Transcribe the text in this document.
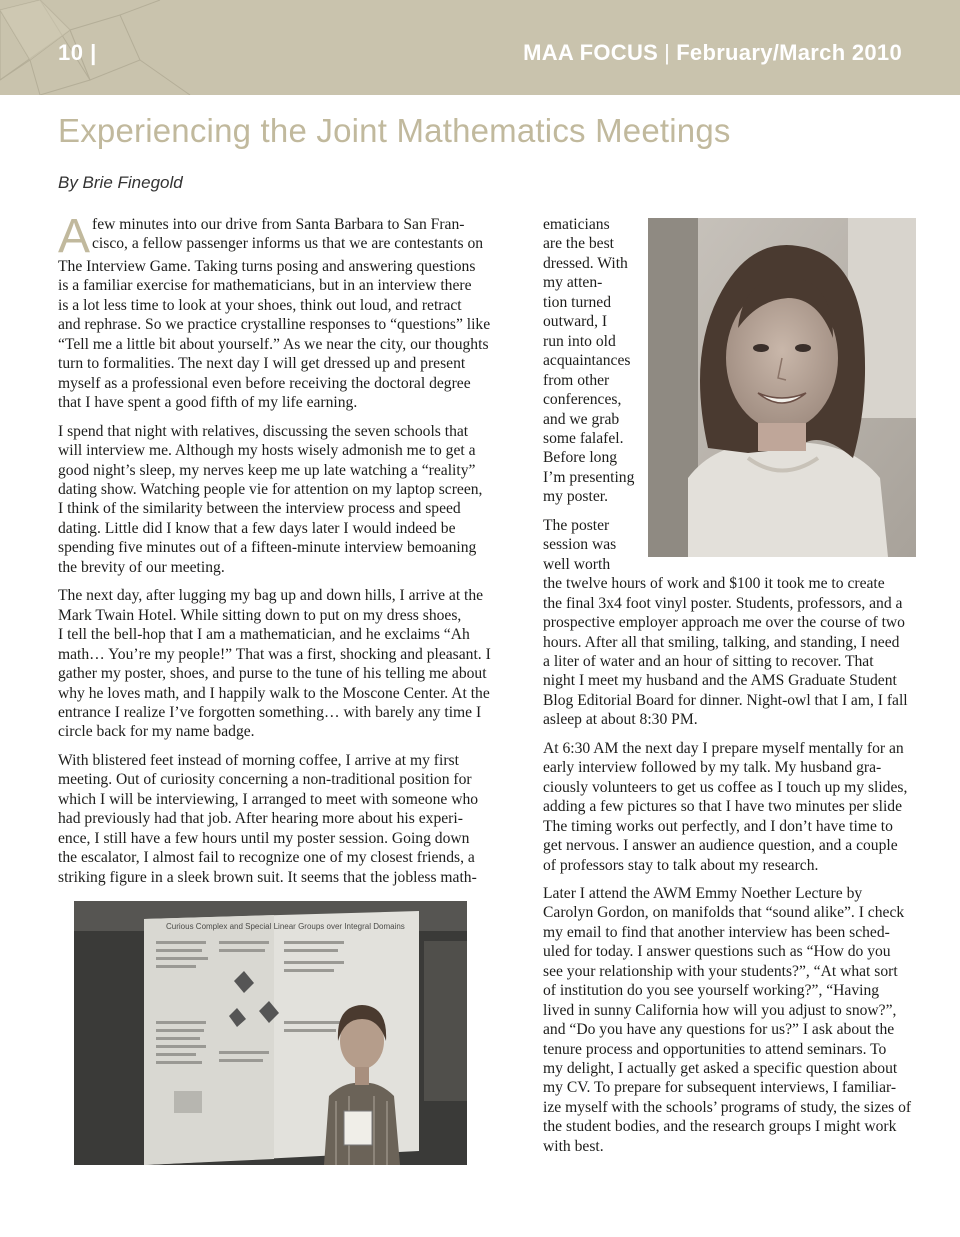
10 |	MAA FOCUS | February/March 2010
Experiencing the Joint Mathematics Meetings
By Brie Finegold

A few minutes into our drive from Santa Barbara to San Fran-
cisco, a fellow passenger informs us that we are contestants on
The Interview Game. Taking turns posing and answering questions
is a familiar exercise for mathematicians, but in an interview there
is a lot less time to look at your shoes, think out loud, and retract
and rephrase. So we practice crystalline responses to “questions” like
“Tell me a little bit about yourself.” As we near the city, our thoughts
turn to formalities. The next day I will get dressed up and present
myself as a professional even before receiving the doctoral degree
that I have spent a good fifth of my life earning.

I spend that night with relatives, discussing the seven schools that
will interview me. Although my hosts wisely admonish me to get a
good night’s sleep, my nerves keep me up late watching a “reality”
dating show. Watching people vie for attention on my laptop screen,
I think of the similarity between the interview process and speed
dating. Little did I know that a few days later I would indeed be
spending five minutes out of a fifteen-minute interview bemoaning
the brevity of our meeting.

The next day, after lugging my bag up and down hills, I arrive at the
Mark Twain Hotel. While sitting down to put on my dress shoes,
I tell the bell-hop that I am a mathematician, and he exclaims “Ah
math… You’re my people!” That was a first, shocking and pleasant. I
gather my poster, shoes, and purse to the tune of his telling me about
why he loves math, and I happily walk to the Moscone Center. At the
entrance I realize I’ve forgotten something… with barely any time I
circle back for my name badge.

With blistered feet instead of morning coffee, I arrive at my first
meeting. Out of curiosity concerning a non-traditional position for
which I will be interviewing, I arranged to meet with someone who
had previously had that job. After hearing more about his experi-
ence, I still have a few hours until my poster session. Going down
the escalator, I almost fail to recognize one of my closest friends, a
striking figure in a sleek brown suit. It seems that the jobless math-

ematicians
are the best
dressed. With
my atten-
tion turned
outward, I
run into old
acquaintances
from other
conferences,
and we grab
some falafel.
Before long
I’m presenting
my poster.

The poster
session was
well worth
the twelve hours of work and $100 it took me to create
the final 3x4 foot vinyl poster. Students, professors, and a
prospective employer approach me over the course of two
hours. After all that smiling, talking, and standing, I need
a liter of water and an hour of sitting to recover. That
night I meet my husband and the AMS Graduate Student
Blog Editorial Board for dinner. Night-owl that I am, I fall
asleep at about 8:30 PM.

At 6:30 AM the next day I prepare myself mentally for an
early interview followed by my talk. My husband gra-
ciously volunteers to get us coffee as I touch up my slides,
adding a few pictures so that I have two minutes per slide
The timing works out perfectly, and I don’t have time to
get nervous. I answer an audience question, and a couple
of professors stay to talk about my research.

Later I attend the AWM Emmy Noether Lecture by
Carolyn Gordon, on manifolds that “sound alike”. I check
my email to find that another interview has been sched-
uled for today. I answer questions such as “How do you
see your relationship with your students?”, “At what sort
of institution do you see yourself working?”, “Having
lived in sunny California how will you adjust to snow?”,
and “Do you have any questions for us?” I ask about the
tenure process and opportunities to attend seminars. To
my delight, I actually get asked a specific question about
my CV. To prepare for subsequent interviews, I familiar-
ize myself with the schools’ programs of study, the sizes of
the student bodies, and the research groups I might work
with best.

Curious Complex and Special Linear Groups over Integral Domains
